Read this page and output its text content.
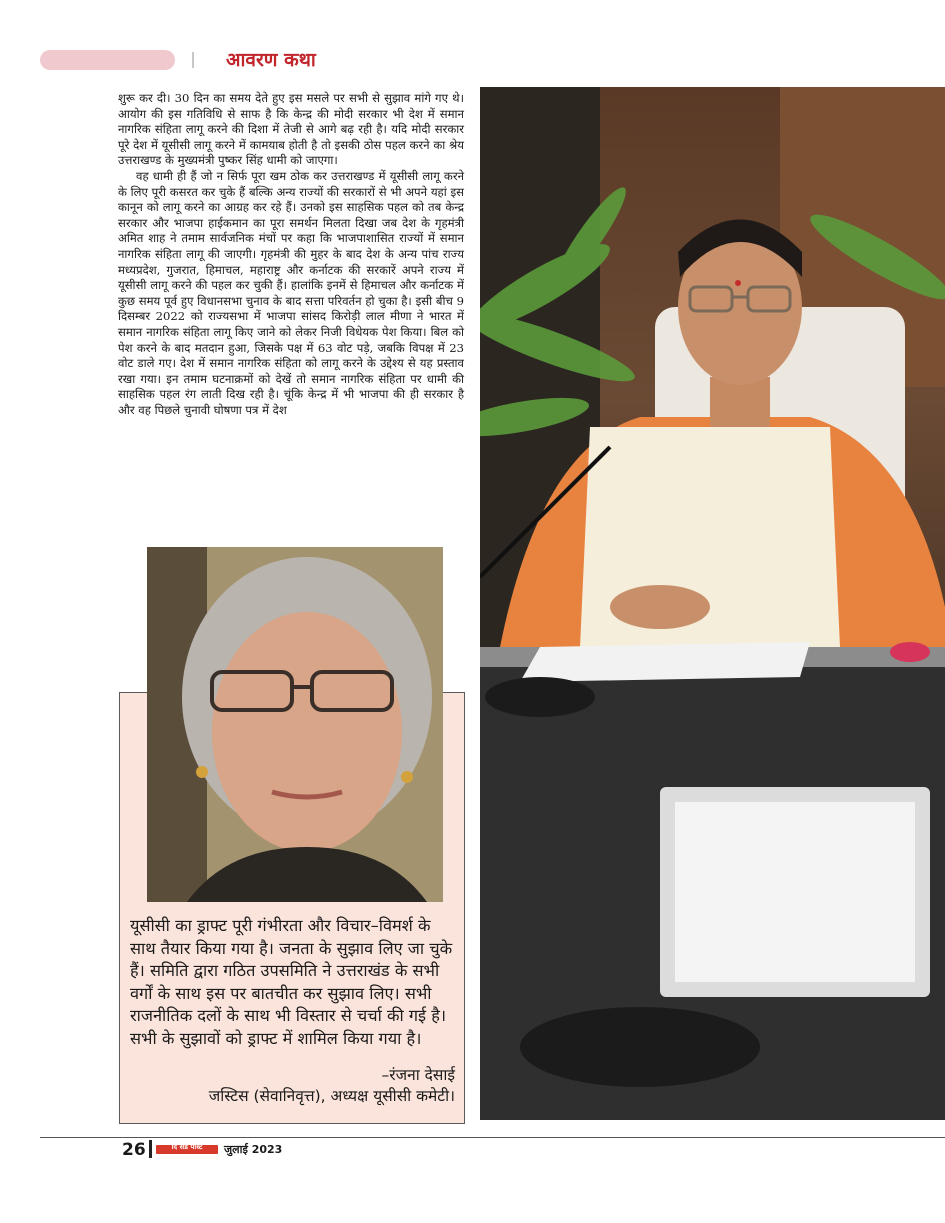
आवरण कथा

शुरू कर दी। 30 दिन का समय देते हुए इस मसले पर सभी से सुझाव मांगे गए थे। आयोग की इस गतिविधि से साफ है कि केन्द्र की मोदी सरकार भी देश में समान नागरिक संहिता लागू करने की दिशा में तेजी से आगे बढ़ रही है। यदि मोदी सरकार पूरे देश में यूसीसी लागू करने में कामयाब होती है तो इसकी ठोस पहल करने का श्रेय उत्तराखण्ड के मुख्यमंत्री पुष्कर सिंह धामी को जाएगा।

वह धामी ही हैं जो न सिर्फ पूरा खम ठोक कर उत्तराखण्ड में यूसीसी लागू करने के लिए पूरी कसरत कर चुके हैं बल्कि अन्य राज्यों की सरकारों से भी अपने यहां इस कानून को लागू करने का आग्रह कर रहे हैं। उनको इस साहसिक पहल को तब केन्द्र सरकार और भाजपा हाईकमान का पूरा समर्थन मिलता दिखा जब देश के गृहमंत्री अमित शाह ने तमाम सार्वजनिक मंचों पर कहा कि भाजपाशासित राज्यों में समान नागरिक संहिता लागू की जाएगी। गृहमंत्री की मुहर के बाद देश के अन्य पांच राज्य मध्यप्रदेश, गुजरात, हिमाचल, महाराष्ट्र और कर्नाटक की सरकारें अपने राज्य में यूसीसी लागू करने की पहल कर चुकी हैं। हालांकि इनमें से हिमाचल और कर्नाटक में कुछ समय पूर्व हुए विधानसभा चुनाव के बाद सत्ता परिवर्तन हो चुका है। इसी बीच 9 दिसम्बर 2022 को राज्यसभा में भाजपा सांसद किरोड़ी लाल मीणा ने भारत में समान नागरिक संहिता लागू किए जाने को लेकर निजी विधेयक पेश किया। बिल को पेश करने के बाद मतदान हुआ, जिसके पक्ष में 63 वोट पड़े, जबकि विपक्ष में 23 वोट डाले गए। देश में समान नागरिक संहिता को लागू करने के उद्देश्य से यह प्रस्ताव रखा गया। इन तमाम घटनाक्रमों को देखें तो समान नागरिक संहिता पर धामी की साहसिक पहल रंग लाती दिख रही है। चूंकि केन्द्र में भी भाजपा की ही सरकार है और वह पिछले चुनावी घोषणा पत्र में देश

यूसीसी का ड्राफ्ट पूरी गंभीरता और विचार–विमर्श के साथ तैयार किया गया है। जनता के सुझाव लिए जा चुके हैं। समिति द्वारा गठित उपसमिति ने उत्तराखंड के सभी वर्गों के साथ इस पर बातचीत कर सुझाव लिए। सभी राजनीतिक दलों के साथ भी विस्तार से चर्चा की गई है। सभी के सुझावों को ड्राफ्ट में शामिल किया गया है।

–रंजना देसाई
जस्टिस (सेवानिवृत्त), अध्यक्ष यूसीसी कमेटी।
26	दि संडे पोस्ट	जुलाई 2023
